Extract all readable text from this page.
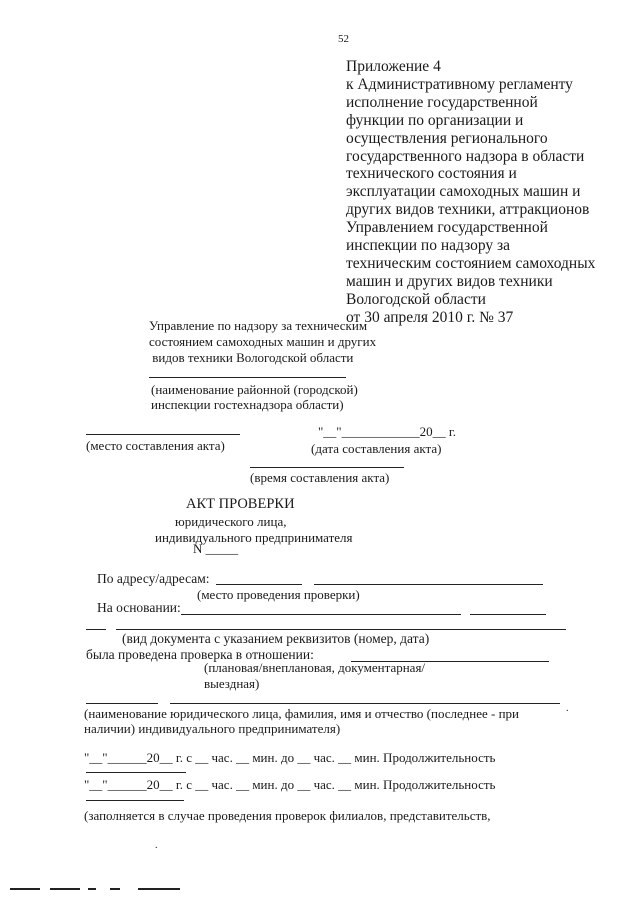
52
Приложение 4
к Административному регламенту
исполнение государственной
функции по организации и
осуществления регионального
государственного надзора в области
технического состояния и
эксплуатации самоходных машин и
других видов техники, аттракционов
Управлением государственной
инспекции по надзору за
техническим состоянием самоходных
машин и других видов техники
Вологодской области
от 30 апреля 2010 г. № 37
Управление по надзору за техническим
состоянием самоходных машин и других
видов техники Вологодской области
(наименование районной (городской)
инспекции гостехнадзора области)
"__"____________20__ г.
(место составления акта)	(дата составления акта)
(время составления акта)
АКТ ПРОВЕРКИ
юридического лица,
индивидуального предпринимателя
N _____
По адресу/адресам:
(место проведения проверки)
На основании:
(вид документа с указанием реквизитов (номер, дата)
была проведена проверка в отношении:
(плановая/внеплановая, документарная/
выездная)
(наименование юридического лица, фамилия, имя и отчество (последнее - при
наличии) индивидуального предпринимателя)
"__"______20__ г. с __ час. __ мин. до __ час. __ мин. Продолжительность
"__"______20__ г. с __ час. __ мин. до __ час. __ мин. Продолжительность
(заполняется в случае проведения проверок филиалов, представительств,
.
.
